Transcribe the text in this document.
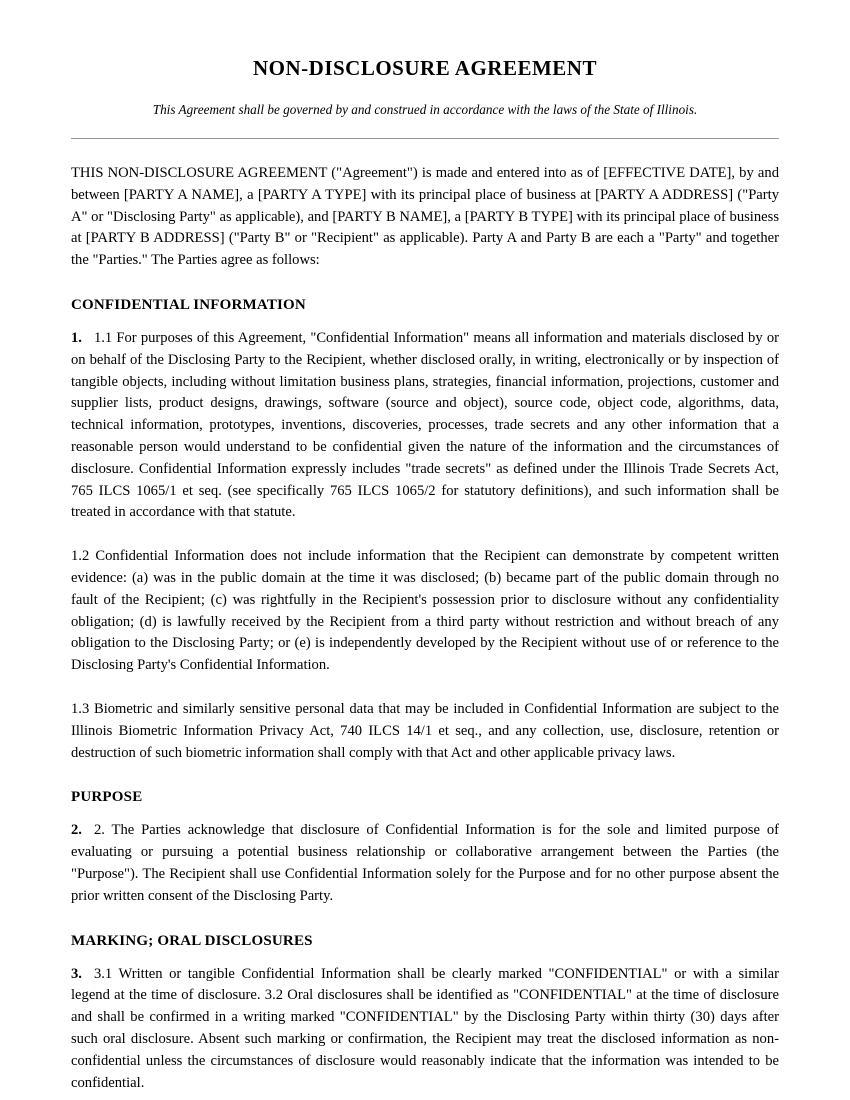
NON-DISCLOSURE AGREEMENT

This Agreement shall be governed by and construed in accordance with the laws of the State of Illinois.

THIS NON-DISCLOSURE AGREEMENT ("Agreement") is made and entered into as of [EFFECTIVE DATE], by and between [PARTY A NAME], a [PARTY A TYPE] with its principal place of business at [PARTY A ADDRESS] ("Party A" or "Disclosing Party" as applicable), and [PARTY B NAME], a [PARTY B TYPE] with its principal place of business at [PARTY B ADDRESS] ("Party B" or "Recipient" as applicable). Party A and Party B are each a "Party" and together the "Parties." The Parties agree as follows:

CONFIDENTIAL INFORMATION

1. 1.1 For purposes of this Agreement, "Confidential Information" means all information and materials disclosed by or on behalf of the Disclosing Party to the Recipient, whether disclosed orally, in writing, electronically or by inspection of tangible objects, including without limitation business plans, strategies, financial information, projections, customer and supplier lists, product designs, drawings, software (source and object), source code, object code, algorithms, data, technical information, prototypes, inventions, discoveries, processes, trade secrets and any other information that a reasonable person would understand to be confidential given the nature of the information and the circumstances of disclosure. Confidential Information expressly includes "trade secrets" as defined under the Illinois Trade Secrets Act, 765 ILCS 1065/1 et seq. (see specifically 765 ILCS 1065/2 for statutory definitions), and such information shall be treated in accordance with that statute.

1.2 Confidential Information does not include information that the Recipient can demonstrate by competent written evidence: (a) was in the public domain at the time it was disclosed; (b) became part of the public domain through no fault of the Recipient; (c) was rightfully in the Recipient's possession prior to disclosure without any confidentiality obligation; (d) is lawfully received by the Recipient from a third party without restriction and without breach of any obligation to the Disclosing Party; or (e) is independently developed by the Recipient without use of or reference to the Disclosing Party's Confidential Information.

1.3 Biometric and similarly sensitive personal data that may be included in Confidential Information are subject to the Illinois Biometric Information Privacy Act, 740 ILCS 14/1 et seq., and any collection, use, disclosure, retention or destruction of such biometric information shall comply with that Act and other applicable privacy laws.

PURPOSE

2. 2. The Parties acknowledge that disclosure of Confidential Information is for the sole and limited purpose of evaluating or pursuing a potential business relationship or collaborative arrangement between the Parties (the "Purpose"). The Recipient shall use Confidential Information solely for the Purpose and for no other purpose absent the prior written consent of the Disclosing Party.

MARKING; ORAL DISCLOSURES

3. 3.1 Written or tangible Confidential Information shall be clearly marked "CONFIDENTIAL" or with a similar legend at the time of disclosure. 3.2 Oral disclosures shall be identified as "CONFIDENTIAL" at the time of disclosure and shall be confirmed in a writing marked "CONFIDENTIAL" by the Disclosing Party within thirty (30) days after such oral disclosure. Absent such marking or confirmation, the Recipient may treat the disclosed information as non-confidential unless the circumstances of disclosure would reasonably indicate that the information was intended to be confidential.
